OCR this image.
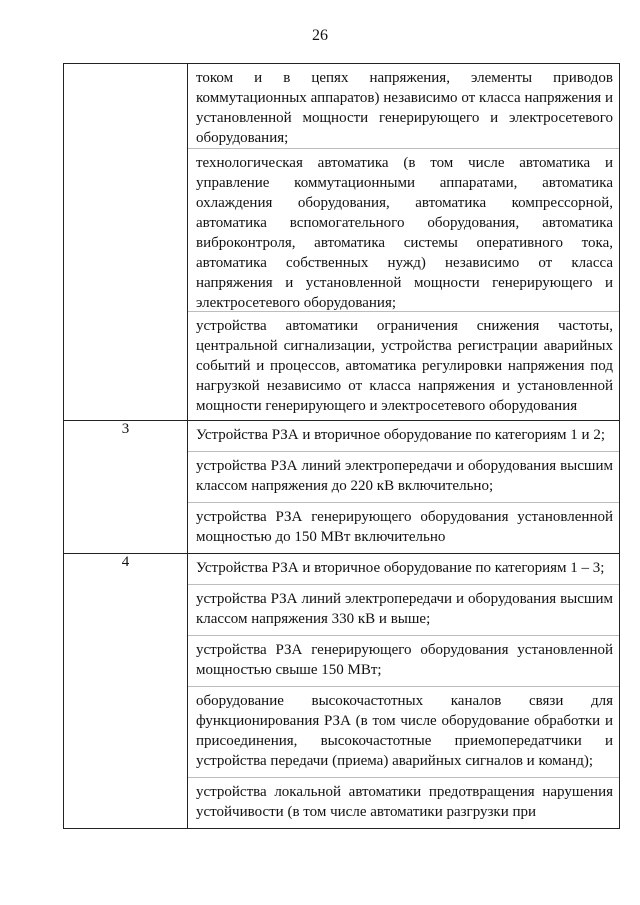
26

	током и в цепях напряжения, элементы приводов коммутационных аппаратов) независимо от класса напряжения и установленной мощности генерирующего и электросетевого оборудования;
технологическая автоматика (в том числе автоматика и управление коммутационными аппаратами, автоматика охлаждения оборудования, автоматика компрессорной, автоматика вспомогательного оборудования, автоматика виброконтроля, автоматика системы оперативного тока, автоматика собственных нужд) независимо от класса напряжения и установленной мощности генерирующего и электросетевого оборудования;
устройства автоматики ограничения снижения частоты, центральной сигнализации, устройства регистрации аварийных событий и процессов, автоматика регулировки напряжения под нагрузкой независимо от класса напряжения и установленной мощности генерирующего и электросетевого оборудования

3	Устройства РЗА и вторичное оборудование по категориям 1 и 2;
устройства РЗА линий электропередачи и оборудования высшим классом напряжения до 220 кВ включительно;
устройства РЗА генерирующего оборудования установленной мощностью до 150 МВт включительно

4	Устройства РЗА и вторичное оборудование по категориям 1 – 3;
устройства РЗА линий электропередачи и оборудования высшим классом напряжения 330 кВ и выше;
устройства РЗА генерирующего оборудования установленной мощностью свыше 150 МВт;
оборудование высокочастотных каналов связи для функционирования РЗА (в том числе оборудование обработки и присоединения, высокочастотные приемопередатчики и устройства передачи (приема) аварийных сигналов и команд);
устройства локальной автоматики предотвращения нарушения устойчивости (в том числе автоматики разгрузки при
